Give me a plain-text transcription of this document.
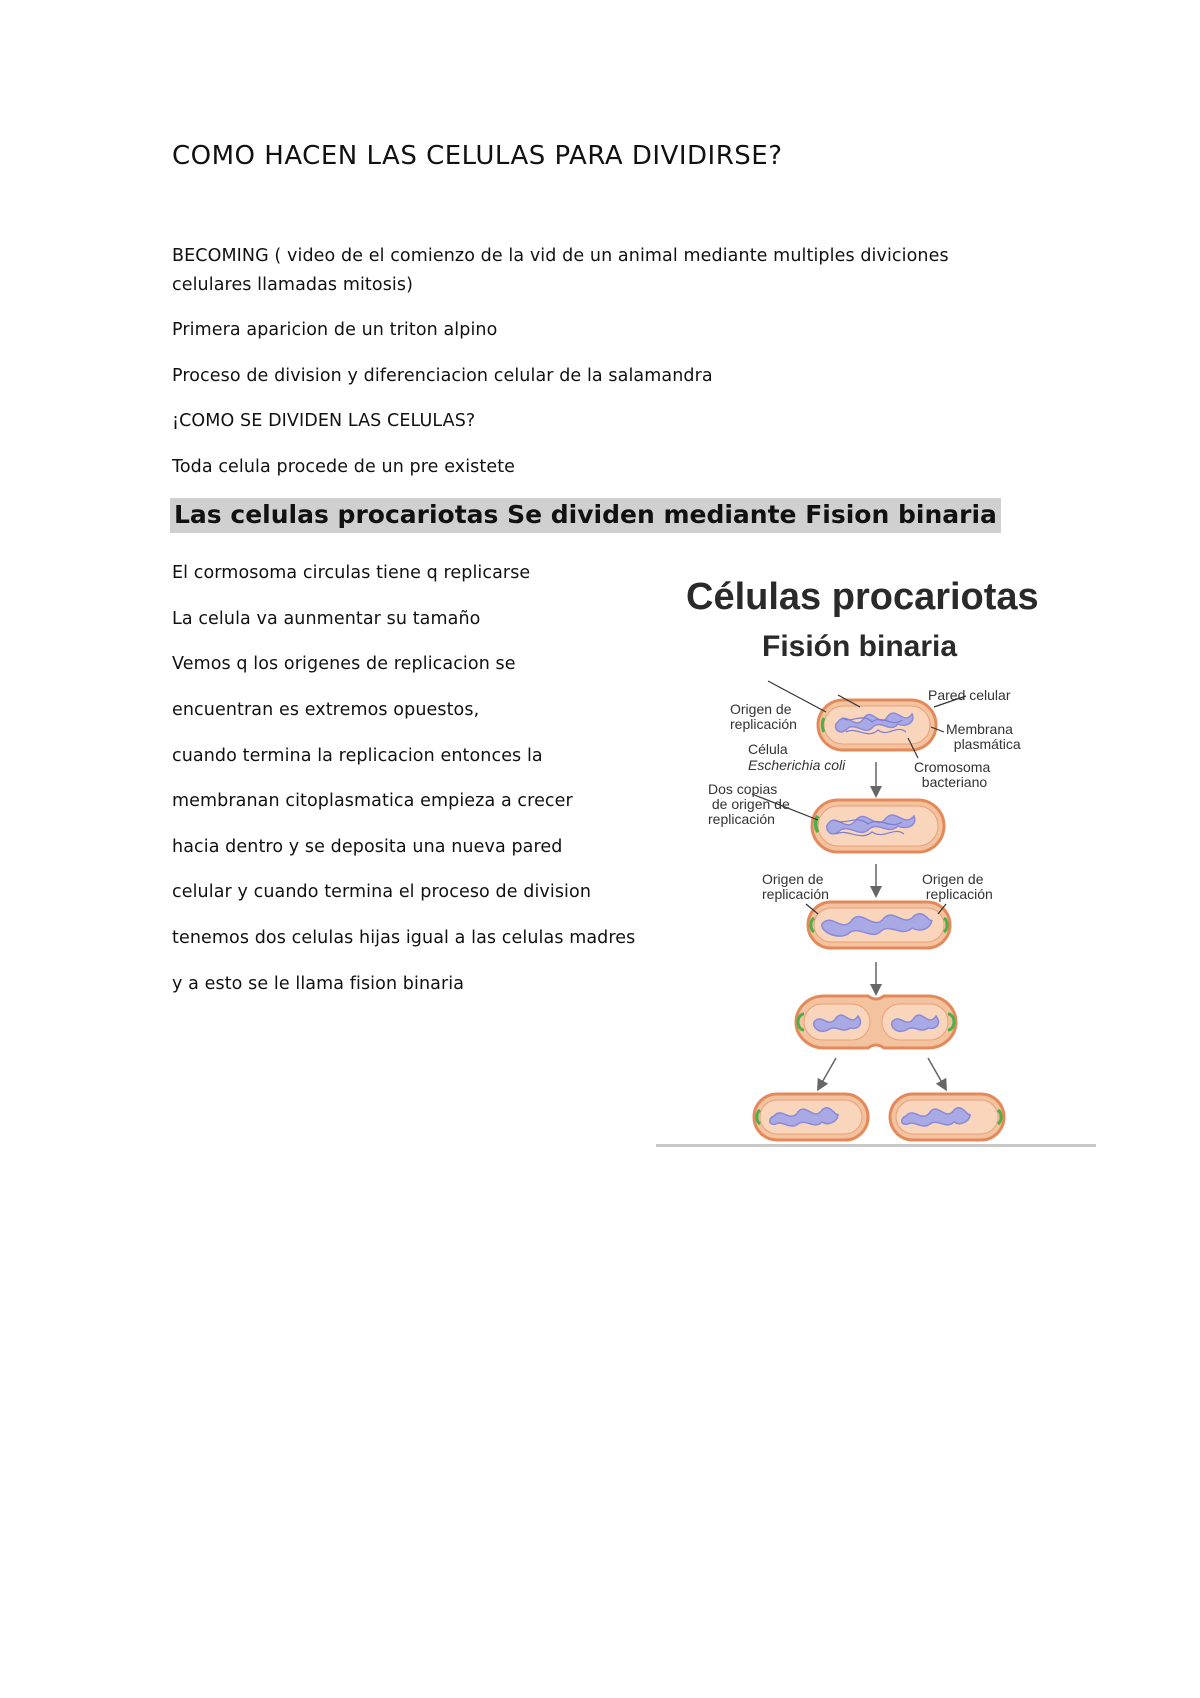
COMO HACEN LAS CELULAS PARA DIVIDIRSE?
BECOMING ( video de el comienzo de la vid de un animal mediante multiples diviciones
celulares llamadas mitosis)
Primera aparicion de un triton alpino
Proceso de division y diferenciacion celular de la salamandra
¡COMO SE DIVIDEN LAS CELULAS?
Toda celula procede de un pre existete
Las celulas procariotas Se dividen mediante Fision binaria
El cormosoma circulas tiene q replicarse
La celula va aunmentar su tamaño
Vemos q los origenes de replicacion se
encuentran es extremos opuestos,
cuando termina la replicacion entonces la
membranan citoplasmatica empieza a crecer
hacia dentro y se deposita una nueva pared
celular y cuando termina el proceso de division
tenemos dos celulas hijas igual a las celulas madres
y a esto se le llama fision binaria
Células procariotas
Fisión binaria
Pared celular
Origen de
replicación	Membrana
plasmática
Célula
Escherichia coli	Cromosoma
bacteriano
Dos copias
de origen de
replicación
Origen de
replicación
Origen de
replicación
